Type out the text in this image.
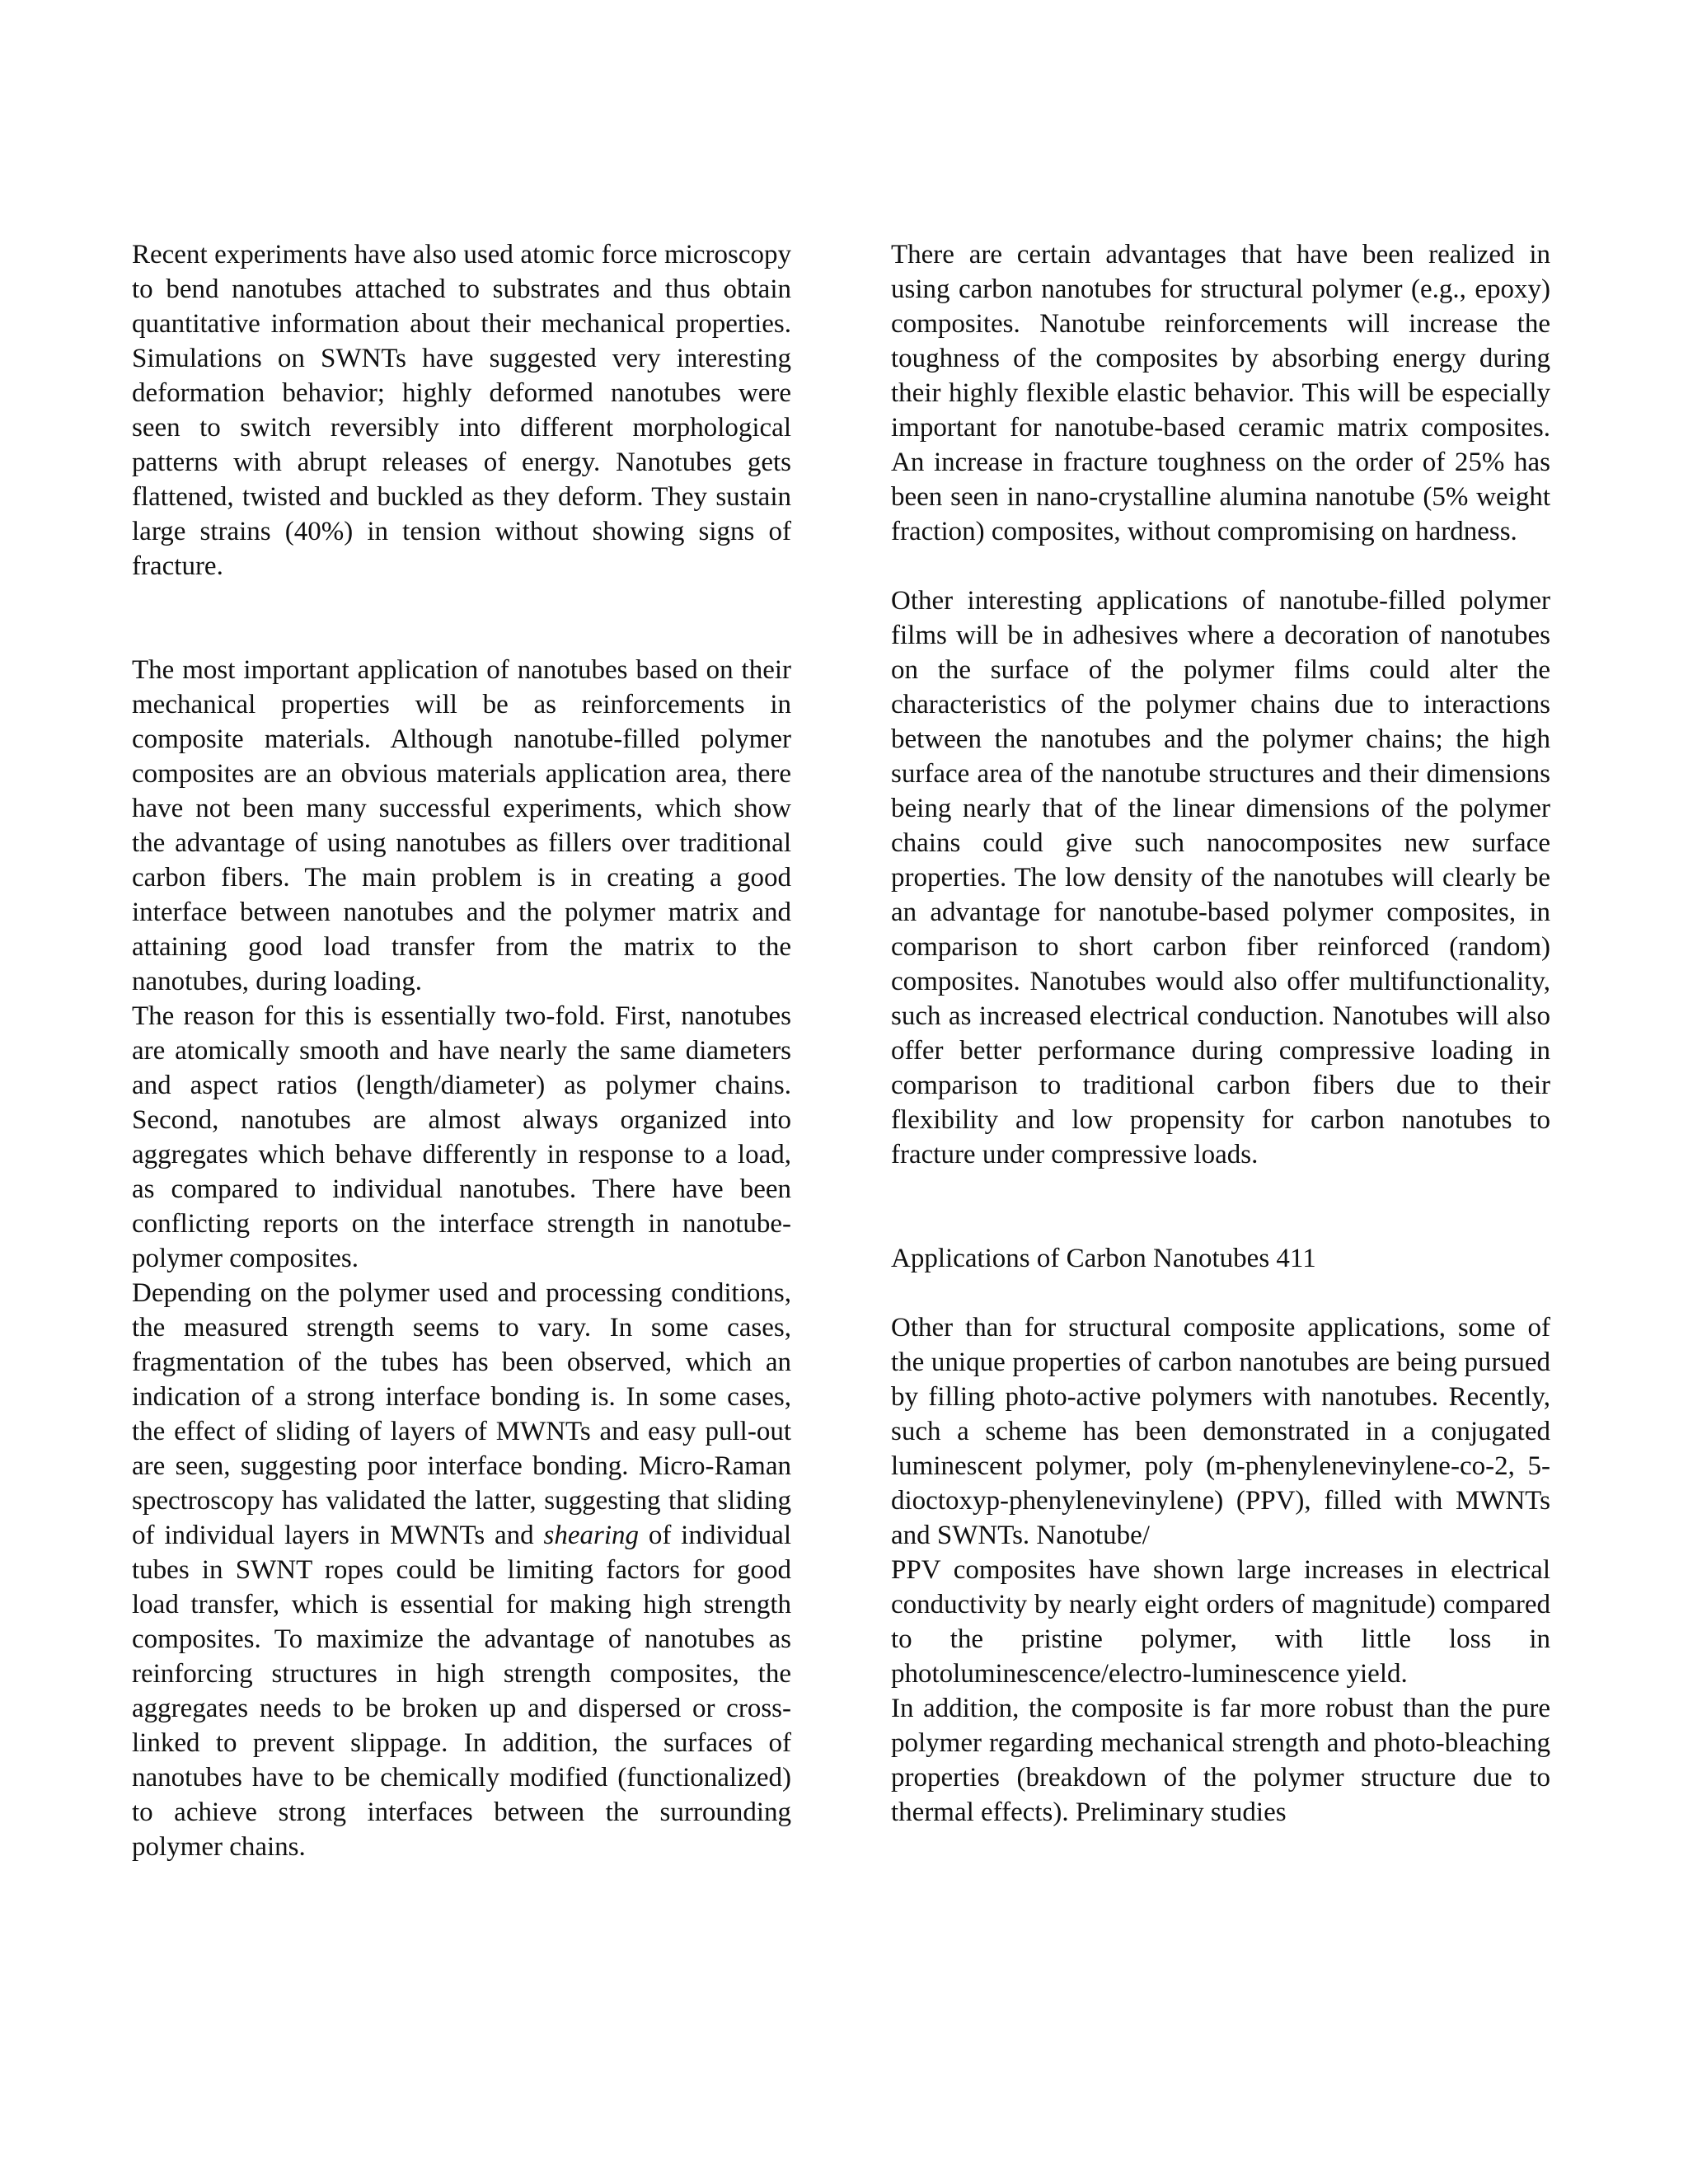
Recent experiments have also used atomic force microscopy to bend nanotubes attached to substrates and thus obtain quantitative information about their mechanical properties. Simulations on SWNTs have suggested very interesting deformation behavior; highly deformed nanotubes were seen to switch reversibly into different morphological patterns with abrupt releases of energy. Nanotubes gets flattened, twisted and buckled as they deform. They sustain large strains (40%) in tension without showing signs of fracture.

The most important application of nanotubes based on their mechanical properties will be as reinforcements in composite materials. Although nanotube-filled polymer composites are an obvious materials application area, there have not been many successful experiments, which show the advantage of using nanotubes as fillers over traditional carbon fibers. The main problem is in creating a good interface between nanotubes and the polymer matrix and attaining good load transfer from the matrix to the nanotubes, during loading.

The reason for this is essentially two-fold. First, nanotubes are atomically smooth and have nearly the same diameters and aspect ratios (length/diameter) as polymer chains. Second, nanotubes are almost always organized into aggregates which behave differently in response to a load, as compared to individual nanotubes. There have been conflicting reports on the interface strength in nanotube-polymer composites.

Depending on the polymer used and processing conditions, the measured strength seems to vary. In some cases, fragmentation of the tubes has been observed, which an indication of a strong interface bonding is. In some cases, the effect of sliding of layers of MWNTs and easy pull-out are seen, suggesting poor interface bonding. Micro-Raman spectroscopy has validated the latter, suggesting that sliding of individual layers in MWNTs and shearing of individual tubes in SWNT ropes could be limiting factors for good load transfer, which is essential for making high strength composites. To maximize the advantage of nanotubes as reinforcing structures in high strength composites, the aggregates needs to be broken up and dispersed or cross-linked to prevent slippage. In addition, the surfaces of nanotubes have to be chemically modified (functionalized) to achieve strong interfaces between the surrounding polymer chains.

There are certain advantages that have been realized in using carbon nanotubes for structural polymer (e.g., epoxy) composites. Nanotube reinforcements will increase the toughness of the composites by absorbing energy during their highly flexible elastic behavior. This will be especially important for nanotube-based ceramic matrix composites. An increase in fracture toughness on the order of 25% has been seen in nano-crystalline alumina nanotube (5% weight fraction) composites, without compromising on hardness.

Other interesting applications of nanotube-filled polymer films will be in adhesives where a decoration of nanotubes on the surface of the polymer films could alter the characteristics of the polymer chains due to interactions between the nanotubes and the polymer chains; the high surface area of the nanotube structures and their dimensions being nearly that of the linear dimensions of the polymer chains could give such nanocomposites new surface properties. The low density of the nanotubes will clearly be an advantage for nanotube-based polymer composites, in comparison to short carbon fiber reinforced (random) composites. Nanotubes would also offer multifunctionality, such as increased electrical conduction. Nanotubes will also offer better performance during compressive loading in comparison to traditional carbon fibers due to their flexibility and low propensity for carbon nanotubes to fracture under compressive loads.

Applications of Carbon Nanotubes 411

Other than for structural composite applications, some of the unique properties of carbon nanotubes are being pursued by filling photo-active polymers with nanotubes. Recently, such a scheme has been demonstrated in a conjugated luminescent polymer, poly (m-phenylenevinylene-co-2, 5-dioctoxyp-phenylenevinylene) (PPV), filled with MWNTs and SWNTs. Nanotube/

PPV composites have shown large increases in electrical conductivity by nearly eight orders of magnitude) compared to the pristine polymer, with little loss in photoluminescence/electro-luminescence yield.

In addition, the composite is far more robust than the pure polymer regarding mechanical strength and photo-bleaching properties (breakdown of the polymer structure due to thermal effects). Preliminary studies
